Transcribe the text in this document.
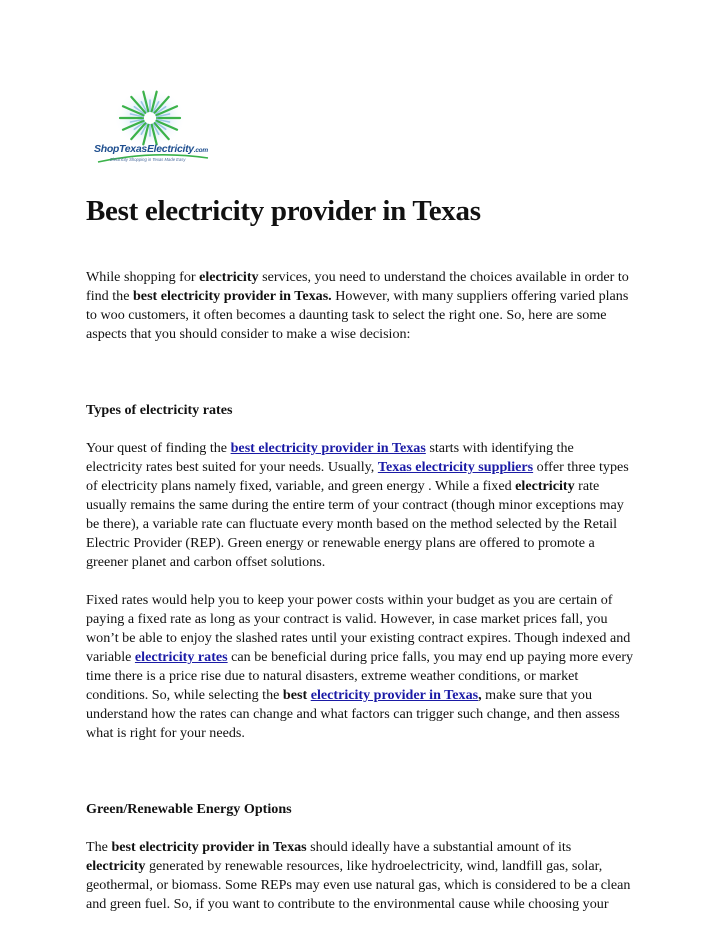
ShopTexasElectricity.com
Electricity Shopping in Texas Made Easy
Best electricity provider in Texas
While shopping for electricity services, you need to understand the choices available in order to
find the best electricity provider in Texas. However, with many suppliers offering varied plans
to woo customers, it often becomes a daunting task to select the right one. So, here are some
aspects that you should consider to make a wise decision:
Types of electricity rates
Your quest of finding the best electricity provider in Texas starts with identifying the
electricity rates best suited for your needs. Usually, Texas electricity suppliers offer three types
of electricity plans namely fixed, variable, and green energy . While a fixed electricity rate
usually remains the same during the entire term of your contract (though minor exceptions may
be there), a variable rate can fluctuate every month based on the method selected by the Retail
Electric Provider (REP). Green energy or renewable energy plans are offered to promote a
greener planet and carbon offset solutions.
Fixed rates would help you to keep your power costs within your budget as you are certain of
paying a fixed rate as long as your contract is valid. However, in case market prices fall, you
won’t be able to enjoy the slashed rates until your existing contract expires. Though indexed and
variable electricity rates can be beneficial during price falls, you may end up paying more every
time there is a price rise due to natural disasters, extreme weather conditions, or market
conditions. So, while selecting the best electricity provider in Texas, make sure that you
understand how the rates can change and what factors can trigger such change, and then assess
what is right for your needs.
Green/Renewable Energy Options
The best electricity provider in Texas should ideally have a substantial amount of its
electricity generated by renewable resources, like hydroelectricity, wind, landfill gas, solar,
geothermal, or biomass. Some REPs may even use natural gas, which is considered to be a clean
and green fuel. So, if you want to contribute to the environmental cause while choosing your
